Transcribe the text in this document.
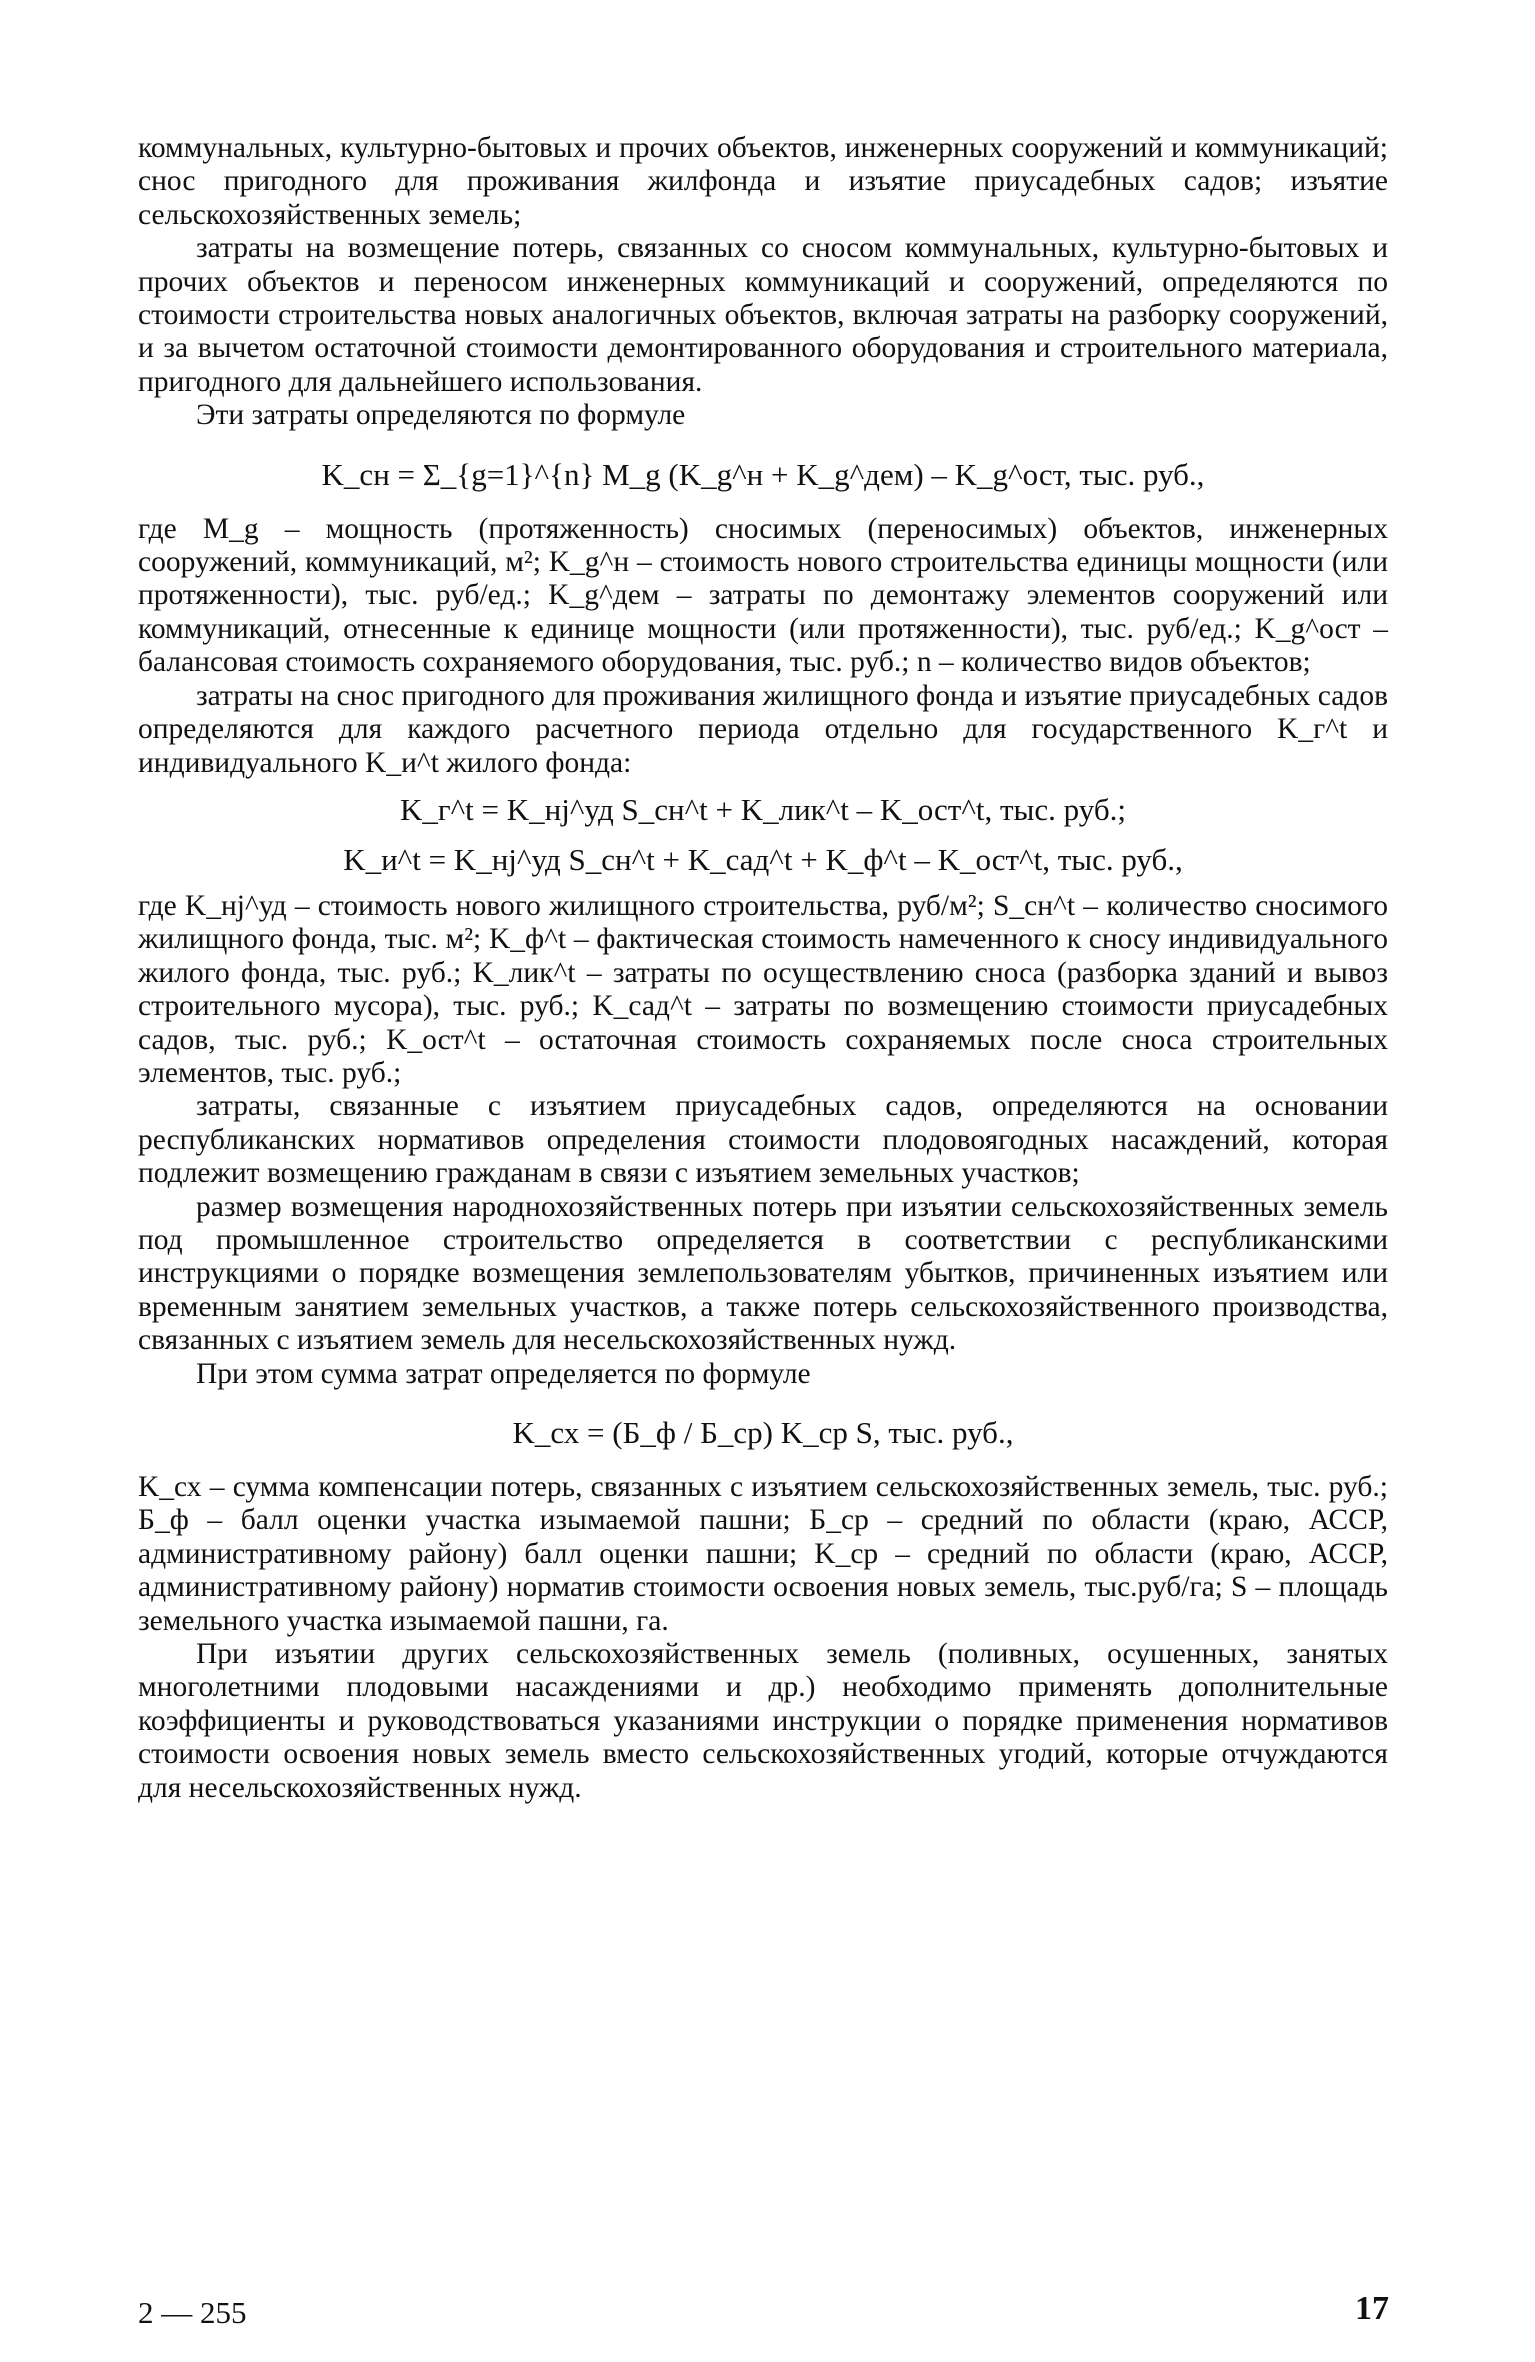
коммунальных, культурно-бытовых и прочих объектов, инженерных сооружений и коммуникаций; снос пригодного для проживания жилфонда и изъятие приусадебных садов; изъятие сельскохозяйственных земель;

затраты на возмещение потерь, связанных со сносом коммунальных, культурно-бытовых и прочих объектов и переносом инженерных коммуникаций и сооружений, определяются по стоимости строительства новых аналогичных объектов, включая затраты на разборку сооружений, и за вычетом остаточной стоимости демонтированного оборудования и строительного материала, пригодного для дальнейшего использования.

Эти затраты определяются по формуле

K_сн = Σ_{g=1}^{n} M_g (K_g^н + K_g^дем) – K_g^ост, тыс. руб.,

где M_g – мощность (протяженность) сносимых (переносимых) объектов, инженерных сооружений, коммуникаций, м²; K_g^н – стоимость нового строительства единицы мощности (или протяженности), тыс. руб/ед.; K_g^дем – затраты по демонтажу элементов сооружений или коммуникаций, отнесенные к единице мощности (или протяженности), тыс. руб/ед.; K_g^ост – балансовая стоимость сохраняемого оборудования, тыс. руб.; n – количество видов объектов;

затраты на снос пригодного для проживания жилищного фонда и изъятие приусадебных садов определяются для каждого расчетного периода отдельно для государственного K_г^t и индивидуального K_и^t жилого фонда:

K_г^t = K_нj^уд S_сн^t + K_лик^t – K_ост^t, тыс. руб.;
K_и^t = K_нj^уд S_сн^t + K_сад^t + K_ф^t – K_ост^t, тыс. руб.,

где K_нj^уд – стоимость нового жилищного строительства, руб/м²; S_сн^t – количество сносимого жилищного фонда, тыс. м²; K_ф^t – фактическая стоимость намеченного к сносу индивидуального жилого фонда, тыс. руб.; K_лик^t – затраты по осуществлению сноса (разборка зданий и вывоз строительного мусора), тыс. руб.; K_сад^t – затраты по возмещению стоимости приусадебных садов, тыс. руб.; K_ост^t – остаточная стоимость сохраняемых после сноса строительных элементов, тыс. руб.;

затраты, связанные с изъятием приусадебных садов, определяются на основании республиканских нормативов определения стоимости плодовоягодных насаждений, которая подлежит возмещению гражданам в связи с изъятием земельных участков;

размер возмещения народнохозяйственных потерь при изъятии сельскохозяйственных земель под промышленное строительство определяется в соответствии с республиканскими инструкциями о порядке возмещения землепользователям убытков, причиненных изъятием или временным занятием земельных участков, а также потерь сельскохозяйственного производства, связанных с изъятием земель для несельскохозяйственных нужд.

При этом сумма затрат определяется по формуле

K_сх = (Б_ф / Б_ср) K_ср S, тыс. руб.,

K_сх – сумма компенсации потерь, связанных с изъятием сельскохозяйственных земель, тыс. руб.; Б_ф – балл оценки участка изымаемой пашни; Б_ср – средний по области (краю, АССР, административному району) балл оценки пашни; K_ср – средний по области (краю, АССР, административному району) норматив стоимости освоения новых земель, тыс.руб/га; S – площадь земельного участка изымаемой пашни, га.

При изъятии других сельскохозяйственных земель (поливных, осушенных, занятых многолетними плодовыми насаждениями и др.) необходимо применять дополнительные коэффициенты и руководствоваться указаниями инструкции о порядке применения нормативов стоимости освоения новых земель вместо сельскохозяйственных угодий, которые отчуждаются для несельскохозяйственных нужд.

2 — 255	17
